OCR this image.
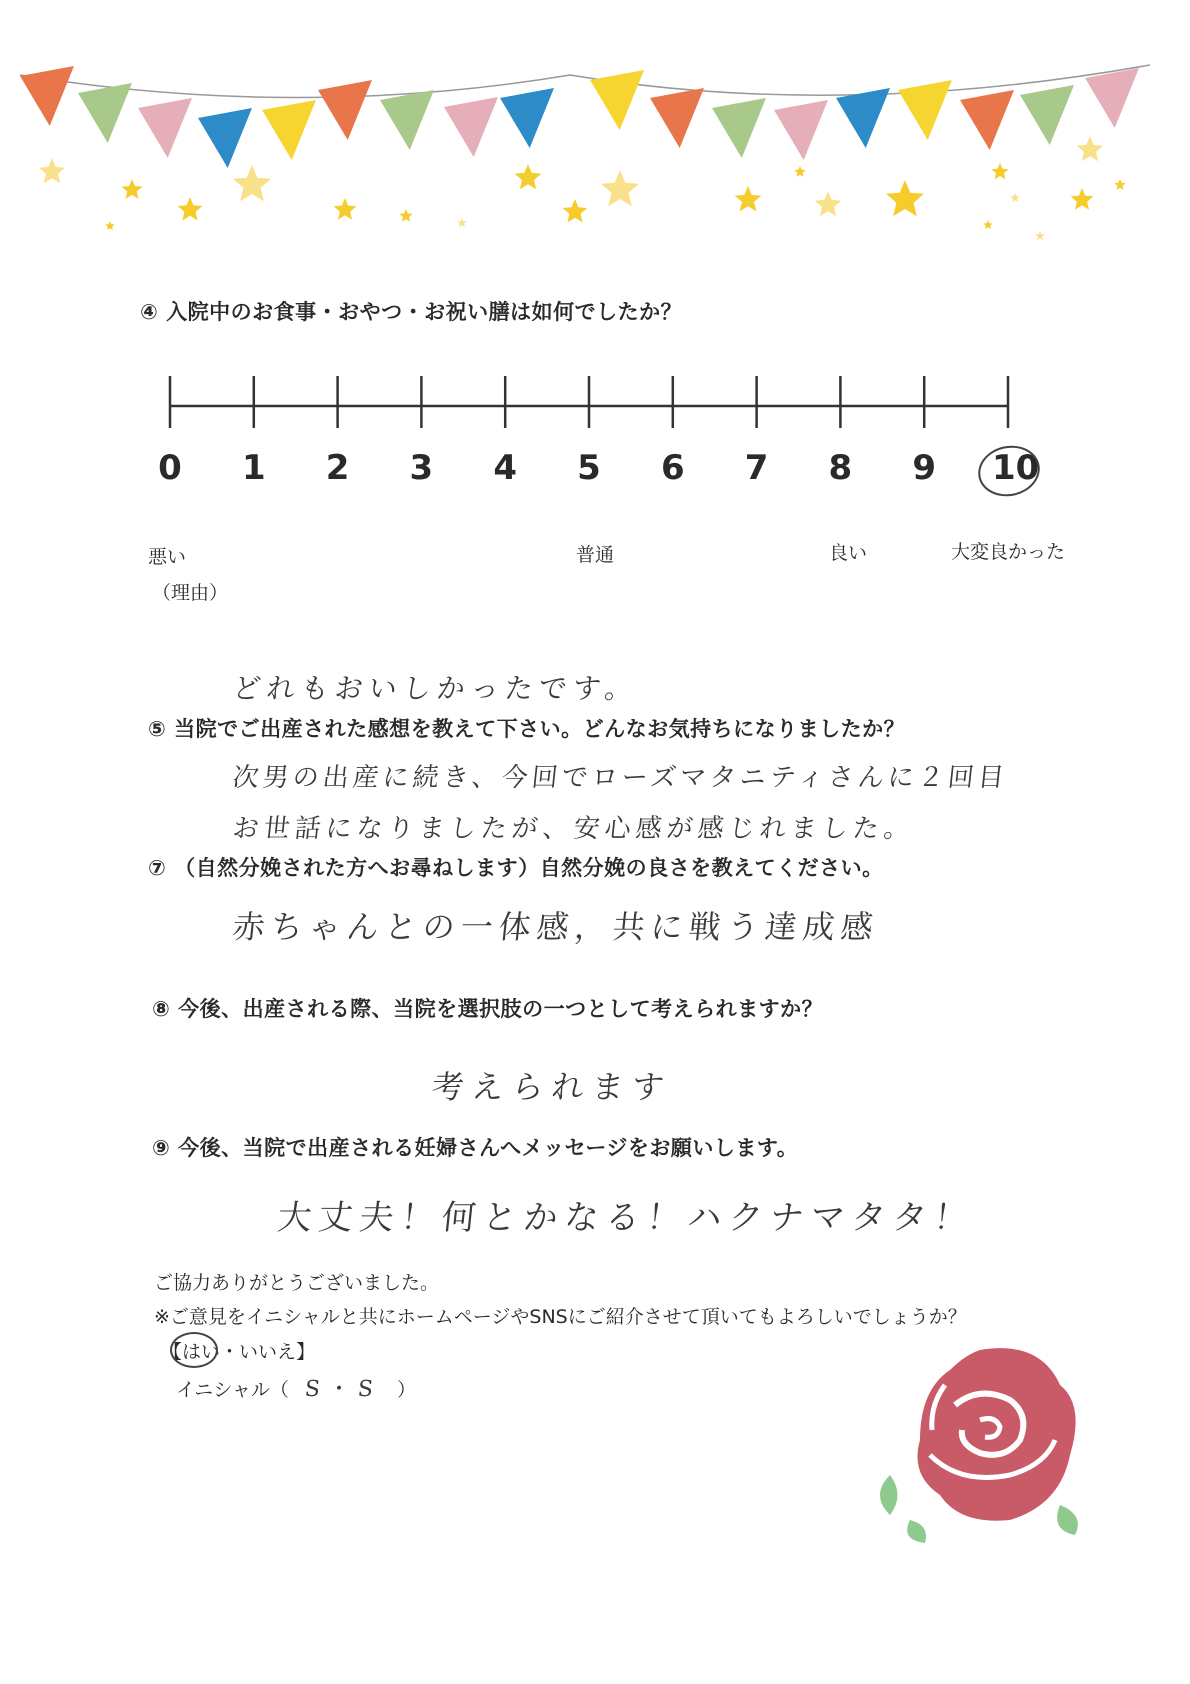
④ 入院中のお食事・おやつ・お祝い膳は如何でしたか？
0 1 2 3 4 5 6 7 8 9 10
悪い	普通	良い	大変良かった
（理由）
どれもおいしかったです。
⑤ 当院でご出産された感想を教えて下さい。どんなお気持ちになりましたか？
次男の出産に続き、今回でローズマタニティさんに２回目
お世話になりましたが、安心感が感じれました。
⑦ （自然分娩された方へお尋ねします）自然分娩の良さを教えてください。
赤ちゃんとの一体感，共に戦う達成感
⑧ 今後、出産される際、当院を選択肢の一つとして考えられますか？
考えられます
⑨ 今後、当院で出産される妊婦さんへメッセージをお願いします。
大丈夫！何とかなる！ハクナマタタ！
ご協力ありがとうございました。
※ご意見をイニシャルと共にホームページやSNSにご紹介させて頂いてもよろしいでしょうか？
【はい・いいえ】
イニシャル（ S・S ）
